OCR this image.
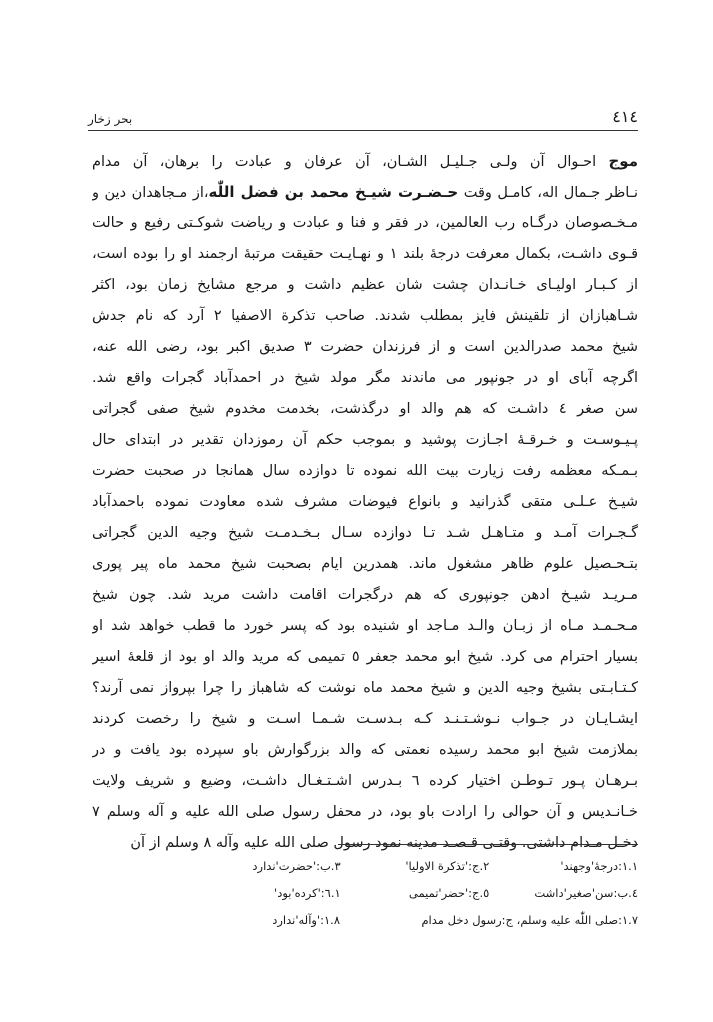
٤١٤
بحر زخار
موج احـوال آن ولـی جـلیـل الشـان، آن عرفان و عبادت را برهان، آن مدام
نـاظر جـمال اله، کامـل وقت حـضـرت شیـخ محمد بن فضل اللّٰه،از مـجاهدان دین و
مـخـصوصان درگـاه رب العالمین، در فقر و فنا و عبادت و ریاضت شوکـتی رفیع و حالت
قـوی داشـت، بکمال معرفت درجهٔ بلند ۱ و نهـایـت حقیقت مرتبهٔ ارجمند او را بوده است،
از کـبـار اولیـای خـانـدان چشت شان عظیم داشت و مرجع مشایخ زمان بود، اکثر
شـاهبازان از تلقینش فایز بمطلب شدند. صاحب تذکرة الاصفیا ۲ آرد که نام جدش
شیخ محمد صدرالدین است و از فرزندان حضرت ۳ صدیق اکبر بود، رضی الله عنه،
اگرچه آبای او در جونپور می ماندند مگر مولد شیخ در احمدآباد گجرات واقع شد.
سن صغر ٤ داشـت که هم والد او درگذشت، بخدمت مخدوم شیخ صفی گجراتی
پـیـوسـت و خـرقـهٔ اجـازت پوشید و بموجب حکم آن رموزدان تقدیر در ابتدای حال
بـمـکه معظمه رفت زیارت بیت الله نموده تا دوازده سال همانجا در صحبت حضرت
شیـخ عـلـی متقی گذرانید و بانواع فیوضات مشرف شده معاودت نموده باحمدآباد
گـجـرات آمـد و متـاهـل شـد تـا دوازده سـال بـخـدمـت شیخ وجیه الدین گجراتی
بتـحـصیل علوم ظاهر مشغول ماند. همدرین ایام بصحبت شیخ محمد ماه پیر پوری
مـریـد شیـخ ادهن جونپوری که هم درگجرات اقامت داشت مرید شد. چون شیخ
مـحـمـد مـاه از زبـان والـد مـاجد او شنیده بود که پسر خورد ما قطب خواهد شد او
بسیار احترام می کرد. شیخ ابو محمد جعفر ٥ تمیمی که مرید والد او بود از قلعهٔ اسیر
کـتـابـتی بشیخ وجیه الدین و شیخ محمد ماه نوشت که شاهباز را چرا بپرواز نمی آرند؟
ایشـایـان در جـواب نـوشـتـنـد کـه بـدسـت شـمـا اسـت و شیخ را رخصت کردند
بملازمت شیخ ابو محمد رسیده نعمتی که والد بزرگوارش باو سپرده بود یافت و در
بـرهـان پـور تـوطـن اختیار کرده ٦ بـدرس اشـتـغـال داشـت، وضیع و شریف ولایت
خـانـدیس و آن حوالی را ارادت باو بود، در محفل رسول صلی الله علیه و آله وسلم ۷
دخـل مـدام داشتی. وقتـی قـصـد مدینه نمود رسول صلی الله علیه وآله ۸ وسلم از آن
۱.۱:درجهٔ'وجهند'
۲.ج:'تذکرة الاولیا'
۳.ب:'حضرت'ندارد
٤.ب:سن'صغیر'داشت
٥.ج:'حضر'تمیمی
۱.٦:'کرده'بود'
۱.۷:صلی اللّٰه علیه وسلم، ج:رسول دخل مدام
۱.۸:'وآله'ندارد
